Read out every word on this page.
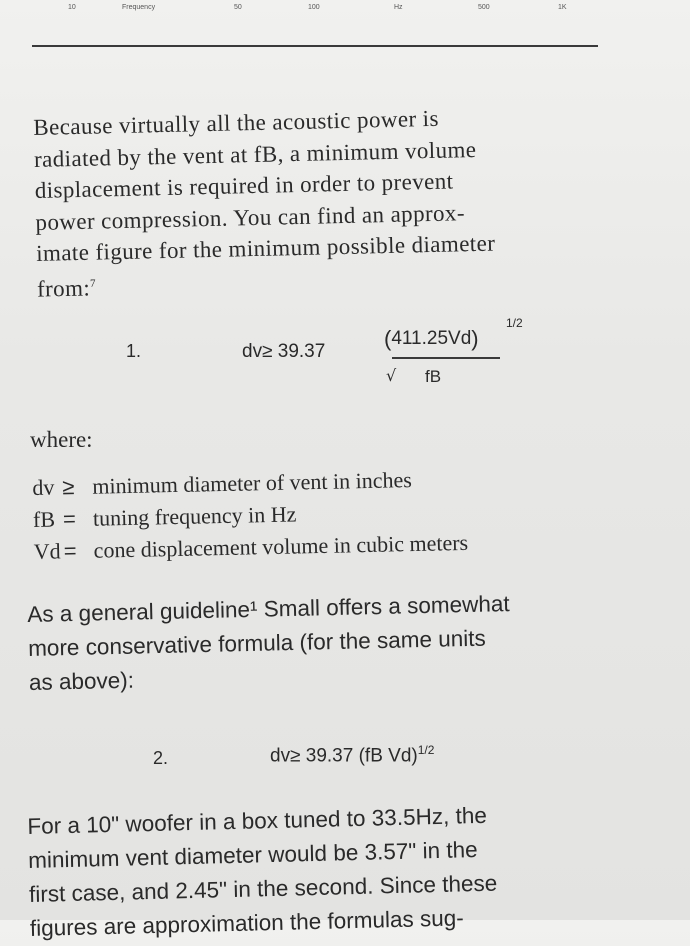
10	Frequency	50	100	Hz	500	1K
Because virtually all the acoustic power is
radiated by the vent at fB, a minimum volume
displacement is required in order to prevent
power compression. You can find an approx-
imate figure for the minimum possible diameter
from:$^7$
1.	dv≥ 39.37
(411.25Vd)
√ fB
1/2
where:
dv ≥ minimum diameter of vent in inches
fB = tuning frequency in Hz
Vd = cone displacement volume in cubic meters
As a general guideline¹ Small offers a somewhat
more conservative formula (for the same units
as above):
2.	dv≥ 39.37 (fB Vd)$^{1/2}$
For a 10" woofer in a box tuned to 33.5Hz, the
minimum vent diameter would be 3.57" in the
first case, and 2.45" in the second. Since these
figures are approximation the formulas sug-
